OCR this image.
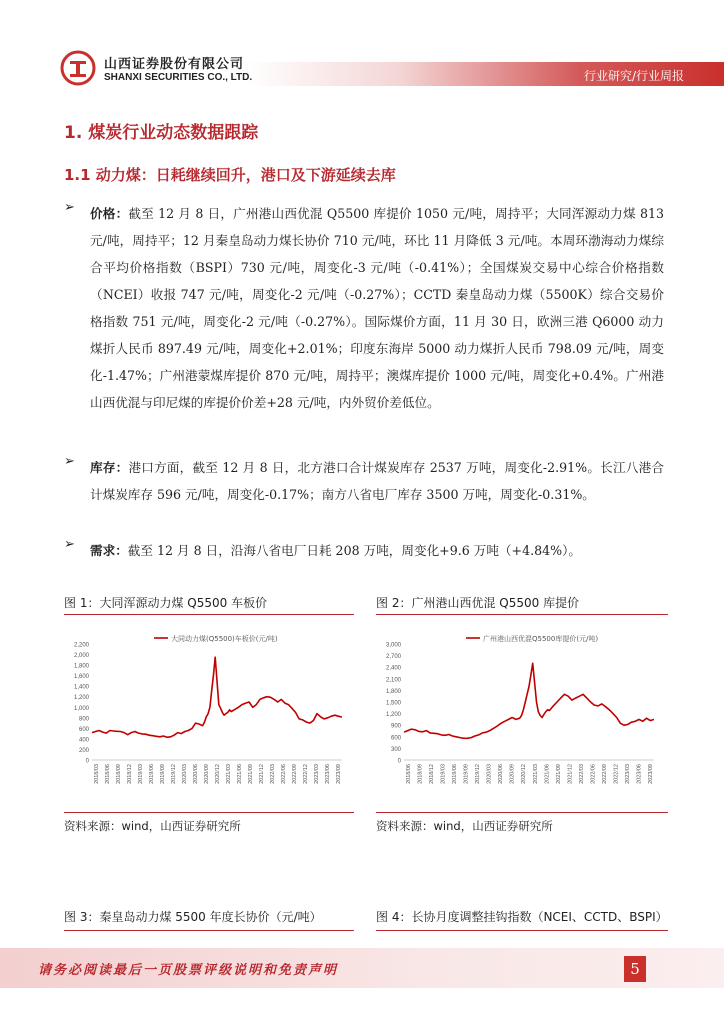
山西证券股份有限公司
SHANXI SECURITIES CO., LTD.	行业研究/行业周报
1. 煤炭行业动态数据跟踪
1.1 动力煤：日耗继续回升，港口及下游延续去库
➢ 价格：截至 12 月 8 日，广州港山西优混 Q5500 库提价 1050 元/吨，周持平；大同浑源动力煤 813 元/吨，周持平；12 月秦皇岛动力煤长协价 710 元/吨，环比 11 月降低 3 元/吨。本周环渤海动力煤综合平均价格指数（BSPI）730 元/吨，周变化-3 元/吨（-0.41%）；全国煤炭交易中心综合价格指数（NCEI）收报 747 元/吨，周变化-2 元/吨（-0.27%）；CCTD 秦皇岛动力煤（5500K）综合交易价格指数 751 元/吨，周变化-2 元/吨（-0.27%）。国际煤价方面，11 月 30 日，欧洲三港 Q6000 动力煤折人民币 897.49 元/吨，周变化+2.01%；印度东海岸 5000 动力煤折人民币 798.09 元/吨，周变化-1.47%；广州港蒙煤库提价 870 元/吨，周持平；澳煤库提价 1000 元/吨，周变化+0.4%。广州港山西优混与印尼煤的库提价价差+28 元/吨，内外贸价差低位。
➢ 库存：港口方面，截至 12 月 8 日，北方港口合计煤炭库存 2537 万吨，周变化-2.91%。长江八港合计煤炭库存 596 元/吨，周变化-0.17%；南方八省电厂库存 3500 万吨，周变化-0.31%。
➢ 需求：截至 12 月 8 日，沿海八省电厂日耗 208 万吨，周变化+9.6 万吨（+4.84%）。
图 1：大同浑源动力煤 Q5500 车板价	图 2：广州港山西优混 Q5500 库提价
0
200
400
600
800
1,000
1,200
1,400
1,600
1,800
2,000
2,200
2018/03 2018/06 2018/09 2018/12 2019/03 2019/06 2019/09 2019/12 2020/03 2020/06 2020/09 2020/12 2021/03 2021/06 2021/09 2021/12 2022/03 2022/06 2022/09 2022/12 2023/03 2023/06 2023/09
大同动力煤(Q5500)车板价(元/吨)
0
300
600
900
1,200
1,500
1,800
2,100
2,400
2,700
3,000
2018/06 2018/09 2018/12 2019/03 2019/06 2019/09 2019/12 2020/03 2020/06 2020/09 2020/12 2021/03 2021/06 2021/09 2021/12 2022/03 2022/06 2022/09 2022/12 2023/03 2023/06 2023/09
广州港山西优混Q5500库提价(元/吨)
资料来源：wind，山西证券研究所	资料来源：wind，山西证券研究所
图 3：秦皇岛动力煤 5500 年度长协价（元/吨）	图 4：长协月度调整挂钩指数（NCEI、CCTD、BSPI）
请务必阅读最后一页股票评级说明和免责声明	5
